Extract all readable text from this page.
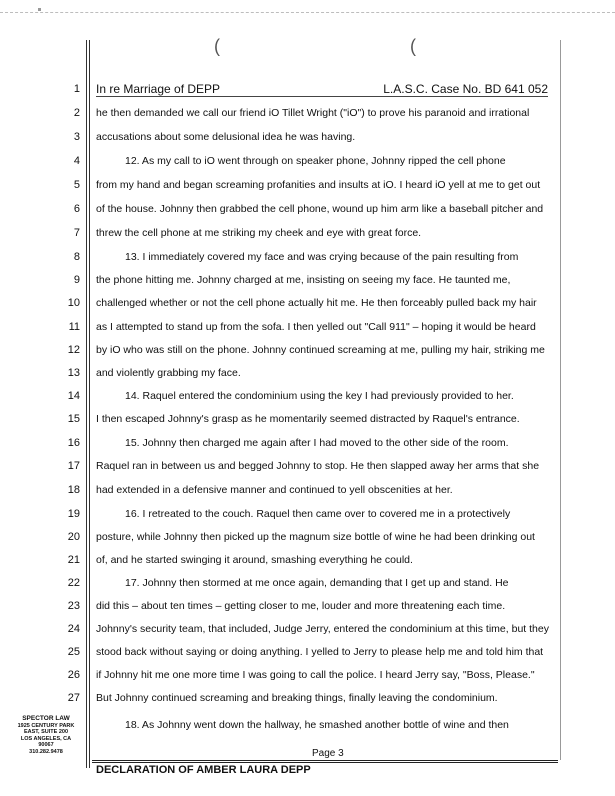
(	(
In re Marriage of DEPP	L.A.S.C. Case No. BD 641 052
1
2 he then demanded we call our friend iO Tillet Wright ("iO") to prove his paranoid and irrational
3 accusations about some delusional idea he was having.
4	12. As my call to iO went through on speaker phone, Johnny ripped the cell phone
5 from my hand and began screaming profanities and insults at iO. I heard iO yell at me to get out
6 of the house. Johnny then grabbed the cell phone, wound up him arm like a baseball pitcher and
7 threw the cell phone at me striking my cheek and eye with great force.
8	13. I immediately covered my face and was crying because of the pain resulting from
9 the phone hitting me. Johnny charged at me, insisting on seeing my face. He taunted me,
10 challenged whether or not the cell phone actually hit me. He then forceably pulled back my hair
11 as I attempted to stand up from the sofa. I then yelled out "Call 911" – hoping it would be heard
12 by iO who was still on the phone. Johnny continued screaming at me, pulling my hair, striking me
13 and violently grabbing my face.
14	14. Raquel entered the condominium using the key I had previously provided to her.
15 I then escaped Johnny's grasp as he momentarily seemed distracted by Raquel's entrance.
16	15. Johnny then charged me again after I had moved to the other side of the room.
17 Raquel ran in between us and begged Johnny to stop. He then slapped away her arms that she
18 had extended in a defensive manner and continued to yell obscenities at her.
19	16. I retreated to the couch. Raquel then came over to covered me in a protectively
20 posture, while Johnny then picked up the magnum size bottle of wine he had been drinking out
21 of, and he started swinging it around, smashing everything he could.
22	17. Johnny then stormed at me once again, demanding that I get up and stand. He
23 did this – about ten times – getting closer to me, louder and more threatening each time.
24 Johnny's security team, that included, Judge Jerry, entered the condominium at this time, but they
25 stood back without saying or doing anything. I yelled to Jerry to please help me and told him that
26 if Johnny hit me one more time I was going to call the police. I heard Jerry say, "Boss, Please."
27 But Johnny continued screaming and breaking things, finally leaving the condominium.
18. As Johnny went down the hallway, he smashed another bottle of wine and then
SPECTOR LAW
1925 CENTURY PARK
EAST, SUITE 200
LOS ANGELES, CA
90067
310.282.9478	Page 3
DECLARATION OF AMBER LAURA DEPP
